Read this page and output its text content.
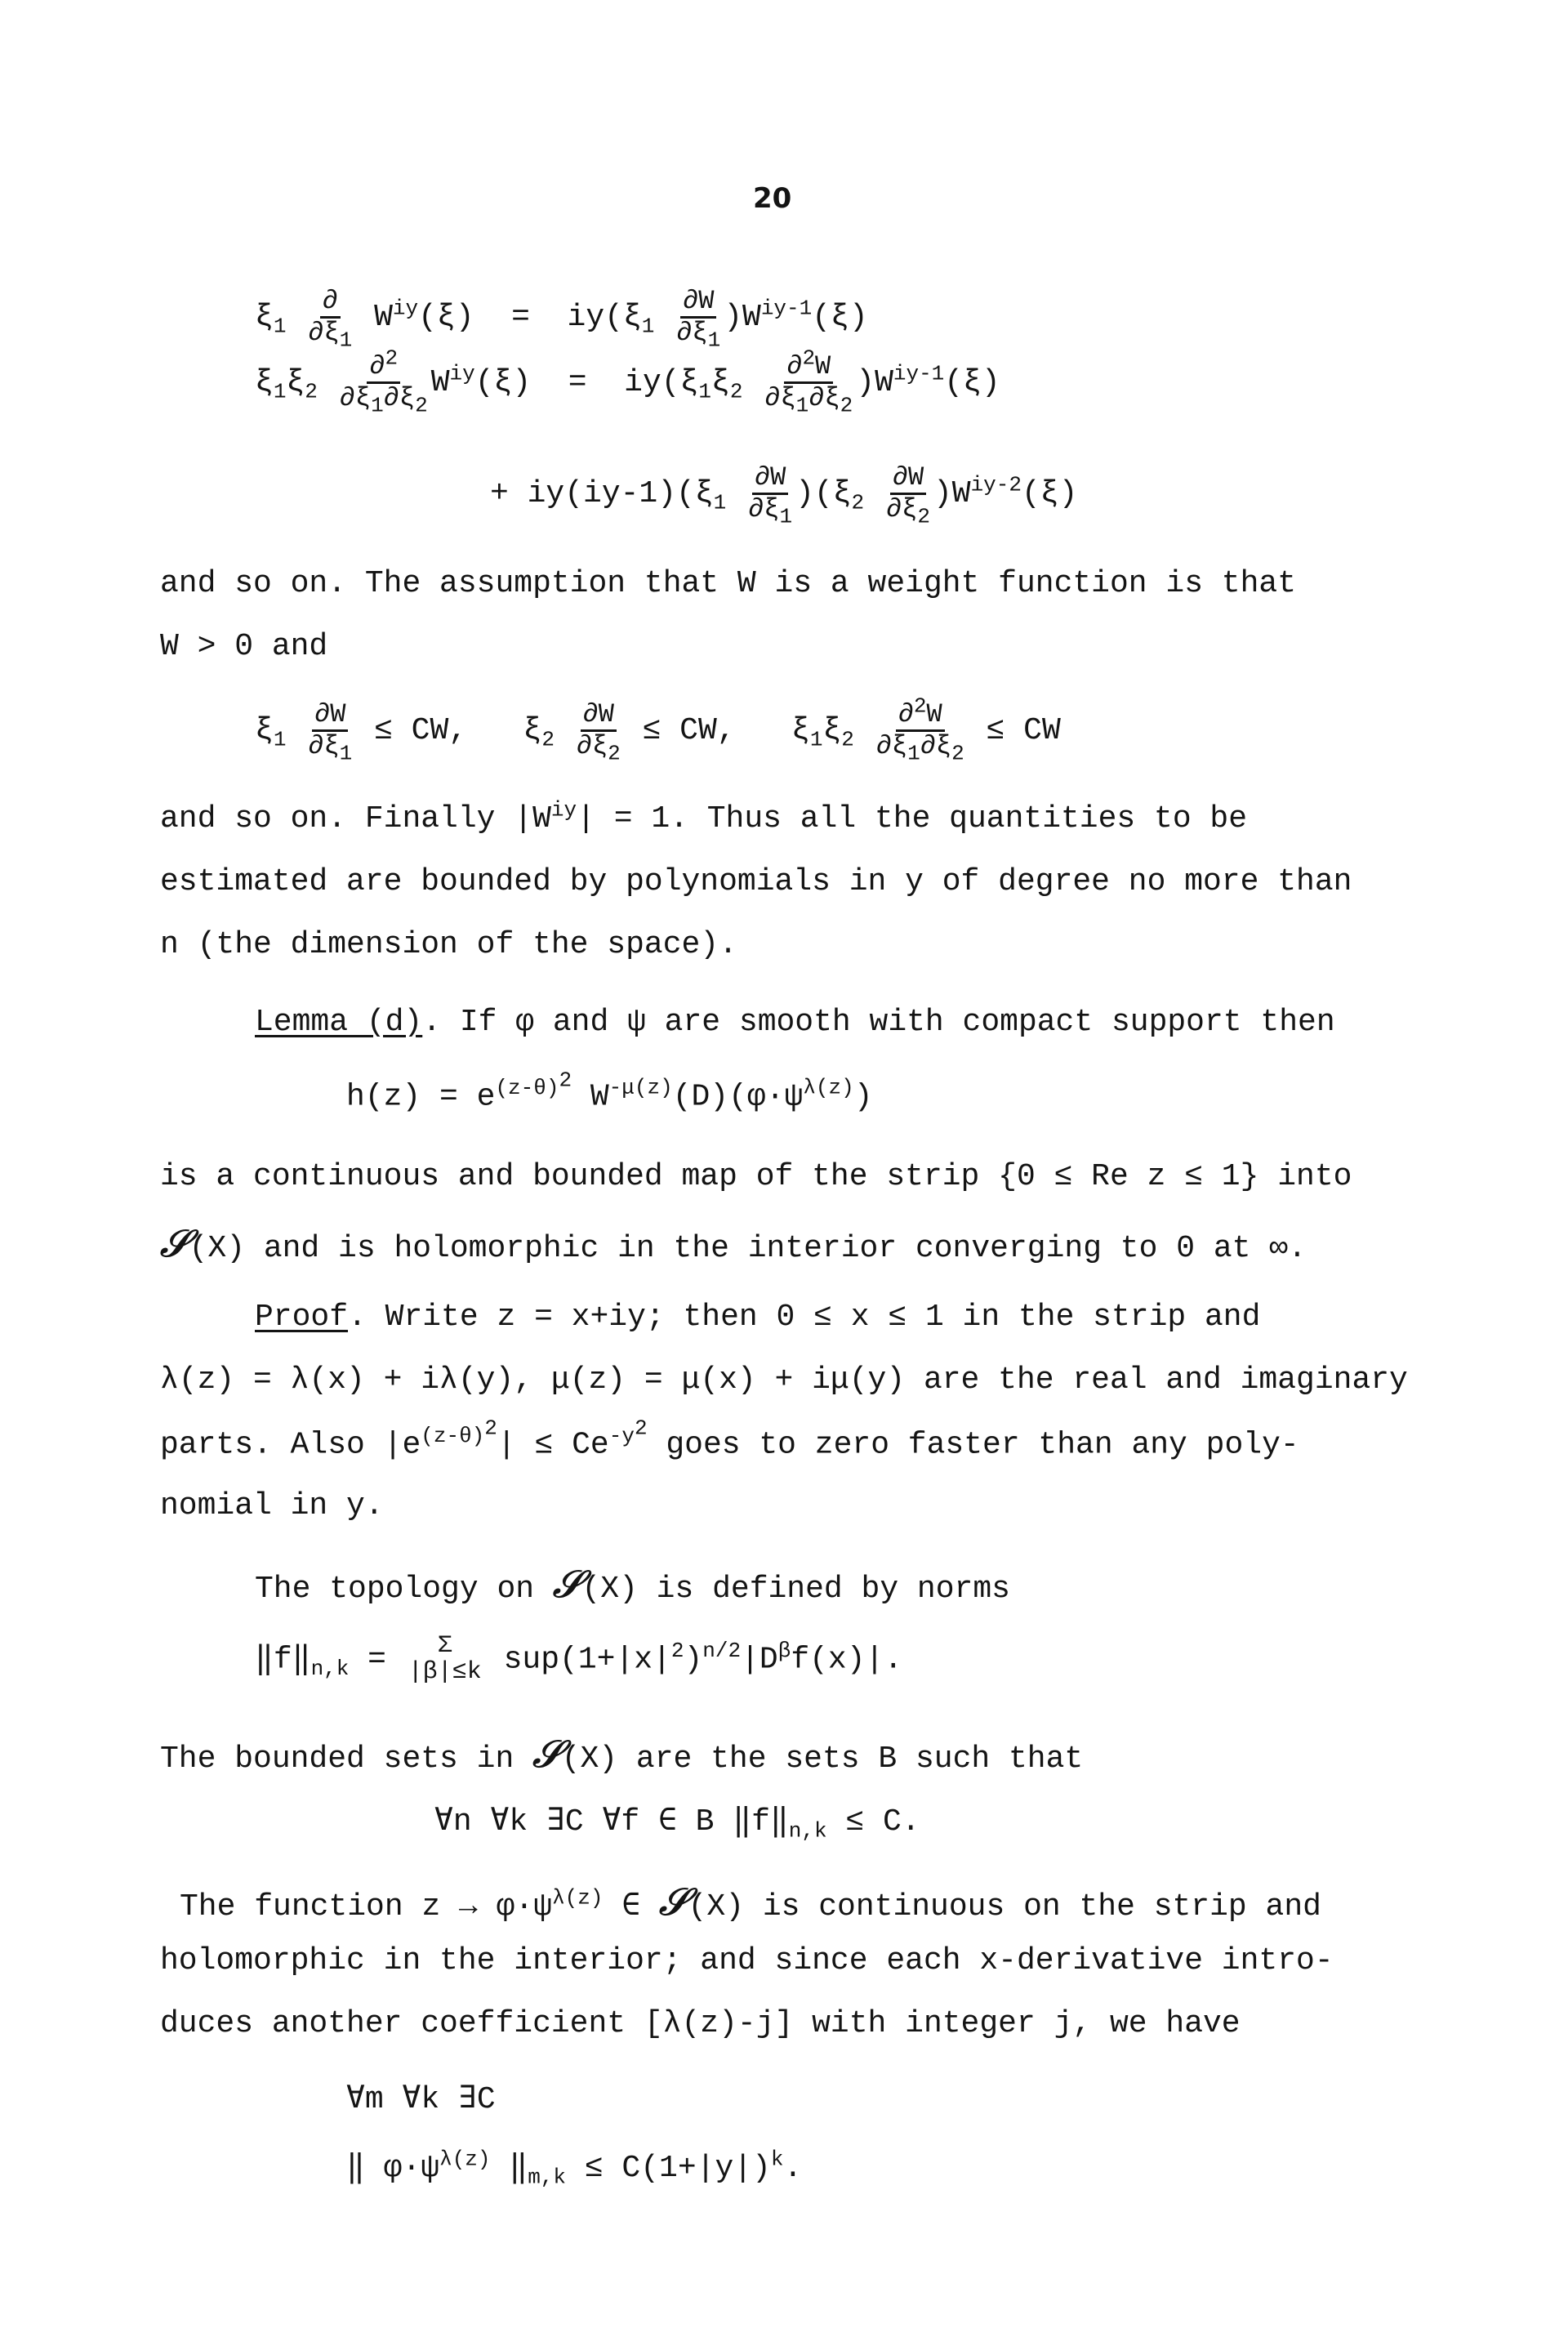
20
$\xi_1 \frac{\partial}{\partial\xi_1} W^{iy}(\xi) = iy(\xi_1 \frac{\partial W}{\partial\xi_1} )W^{iy-1}(\xi)$
$\xi_1\xi_2 \frac{\partial^2}{\partial\xi_1\partial\xi_2} W^{iy}(\xi) = iy(\xi_1\xi_2 \frac{\partial^2W}{\partial\xi_1\partial\xi_2} )W^{iy-1}(\xi)$
+ $iy(iy-1)(\xi_1 \frac{\partial W}{\partial\xi_1} )(\xi_2 \frac{\partial W}{\partial\xi_2} )W^{iy-2}(\xi)$
and so on. The assumption that W is a weight function is that
W > 0 and
$\xi_1 \frac{\partial W}{\partial\xi_1}$ ≤ CW, $\xi_2 \frac{\partial W}{\partial\xi_2}$ ≤ CW, $\xi_1\xi_2 \frac{\partial^2W}{\partial\xi_1\partial\xi_2}$ ≤ CW
and so on. Finally $|W^{iy}| = 1$. Thus all the quantities to be
estimated are bounded by polynomials in y of degree no more than
n (the dimension of the space).
Lemma (d). If φ and ψ are smooth with compact support then
$h(z) = e^{(z-\theta)^2}$ $W^{-\mu(z)}(D)(\varphi\cdot\psi^{\lambda(z)})$
is a continuous and bounded map of the strip {0 ≤ Re z ≤ 1} into
𝒮(X) and is holomorphic in the interior converging to 0 at ∞.
Proof. Write z = x+iy; then 0 ≤ x ≤ 1 in the strip and
λ(z) = λ(x) + iλ(y), μ(z) = μ(x) + iμ(y) are the real and imaginary
parts. Also $|e^{(z-\theta)^2}| \le Ce^{-y^2}$ goes to zero faster than any poly-
nomial in y.
The topology on 𝒮(X) is defined by norms
$‖f‖_{n,k} = \Sigma$
|β|≤k $sup(1+|x|^2)^{n/2}|D^\beta f(x)|$.
The bounded sets in 𝒮(X) are the sets B such that
∀n ∀k ∃C ∀f ∈ B $‖f‖_{n,k} \le C$.
The function $z \to \varphi\cdot\psi^{\lambda(z)}$ ∈ 𝒮(X) is continuous on the strip and
holomorphic in the interior; and since each x-derivative intro-
duces another coefficient [λ(z)-j] with integer j, we have
∀m ∀k ∃C
‖ $\varphi\cdot\psi^{\lambda(z)}$ $‖_{m,k} \le C(1+|y|)^k$.
